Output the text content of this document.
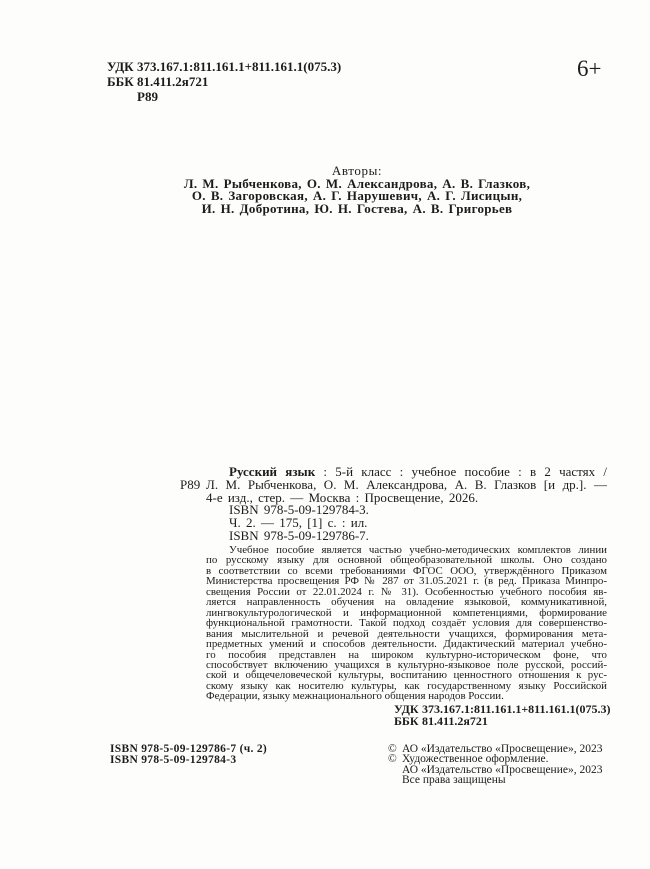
УДК 373.167.1:811.161.1+811.161.1(075.3)
ББК 81.411.2я721
Р89
6+
Авторы:
Л. М. Рыбченкова, О. М. Александрова, А. В. Глазков,
О. В. Загоровская, А. Г. Нарушевич, А. Г. Лисицын,
И. Н. Добротина, Ю. Н. Гостева, А. В. Григорьев
Русский язык : 5-й класс : учебное пособие : в 2 частях /
Р89 Л. М. Рыбченкова, О. М. Александрова, А. В. Глазков [и др.]. —
4-е изд., стер. — Москва : Просвещение, 2026.
ISBN 978-5-09-129784-3.
Ч. 2. — 175, [1] с. : ил.
ISBN 978-5-09-129786-7.
Учебное пособие является частью учебно-методических комплектов линии
по русскому языку для основной общеобразовательной школы. Оно создано
в соответствии со всеми требованиями ФГОС ООО, утверждённого Приказом
Министерства просвещения РФ № 287 от 31.05.2021 г. (в ред. Приказа Минпро-
свещения России от 22.01.2024 г. № 31). Особенностью учебного пособия яв-
ляется направленность обучения на овладение языковой, коммуникативной,
лингвокультурологической и информационной компетенциями, формирование
функциональной грамотности. Такой подход создаёт условия для совершенство-
вания мыслительной и речевой деятельности учащихся, формирования мета-
предметных умений и способов деятельности. Дидактический материал учебно-
го пособия представлен на широком культурно-историческом фоне, что
способствует включению учащихся в культурно-языковое поле русской, россий-
ской и общечеловеческой культуры, воспитанию ценностного отношения к рус-
скому языку как носителю культуры, как государственному языку Российской
Федерации, языку межнационального общения народов России.
УДК 373.167.1:811.161.1+811.161.1(075.3)
ББК 81.411.2я721
ISBN 978-5-09-129786-7 (ч. 2)
ISBN 978-5-09-129784-3
© АО «Издательство «Просвещение», 2023
© Художественное оформление.
АО «Издательство «Просвещение», 2023
Все права защищены
